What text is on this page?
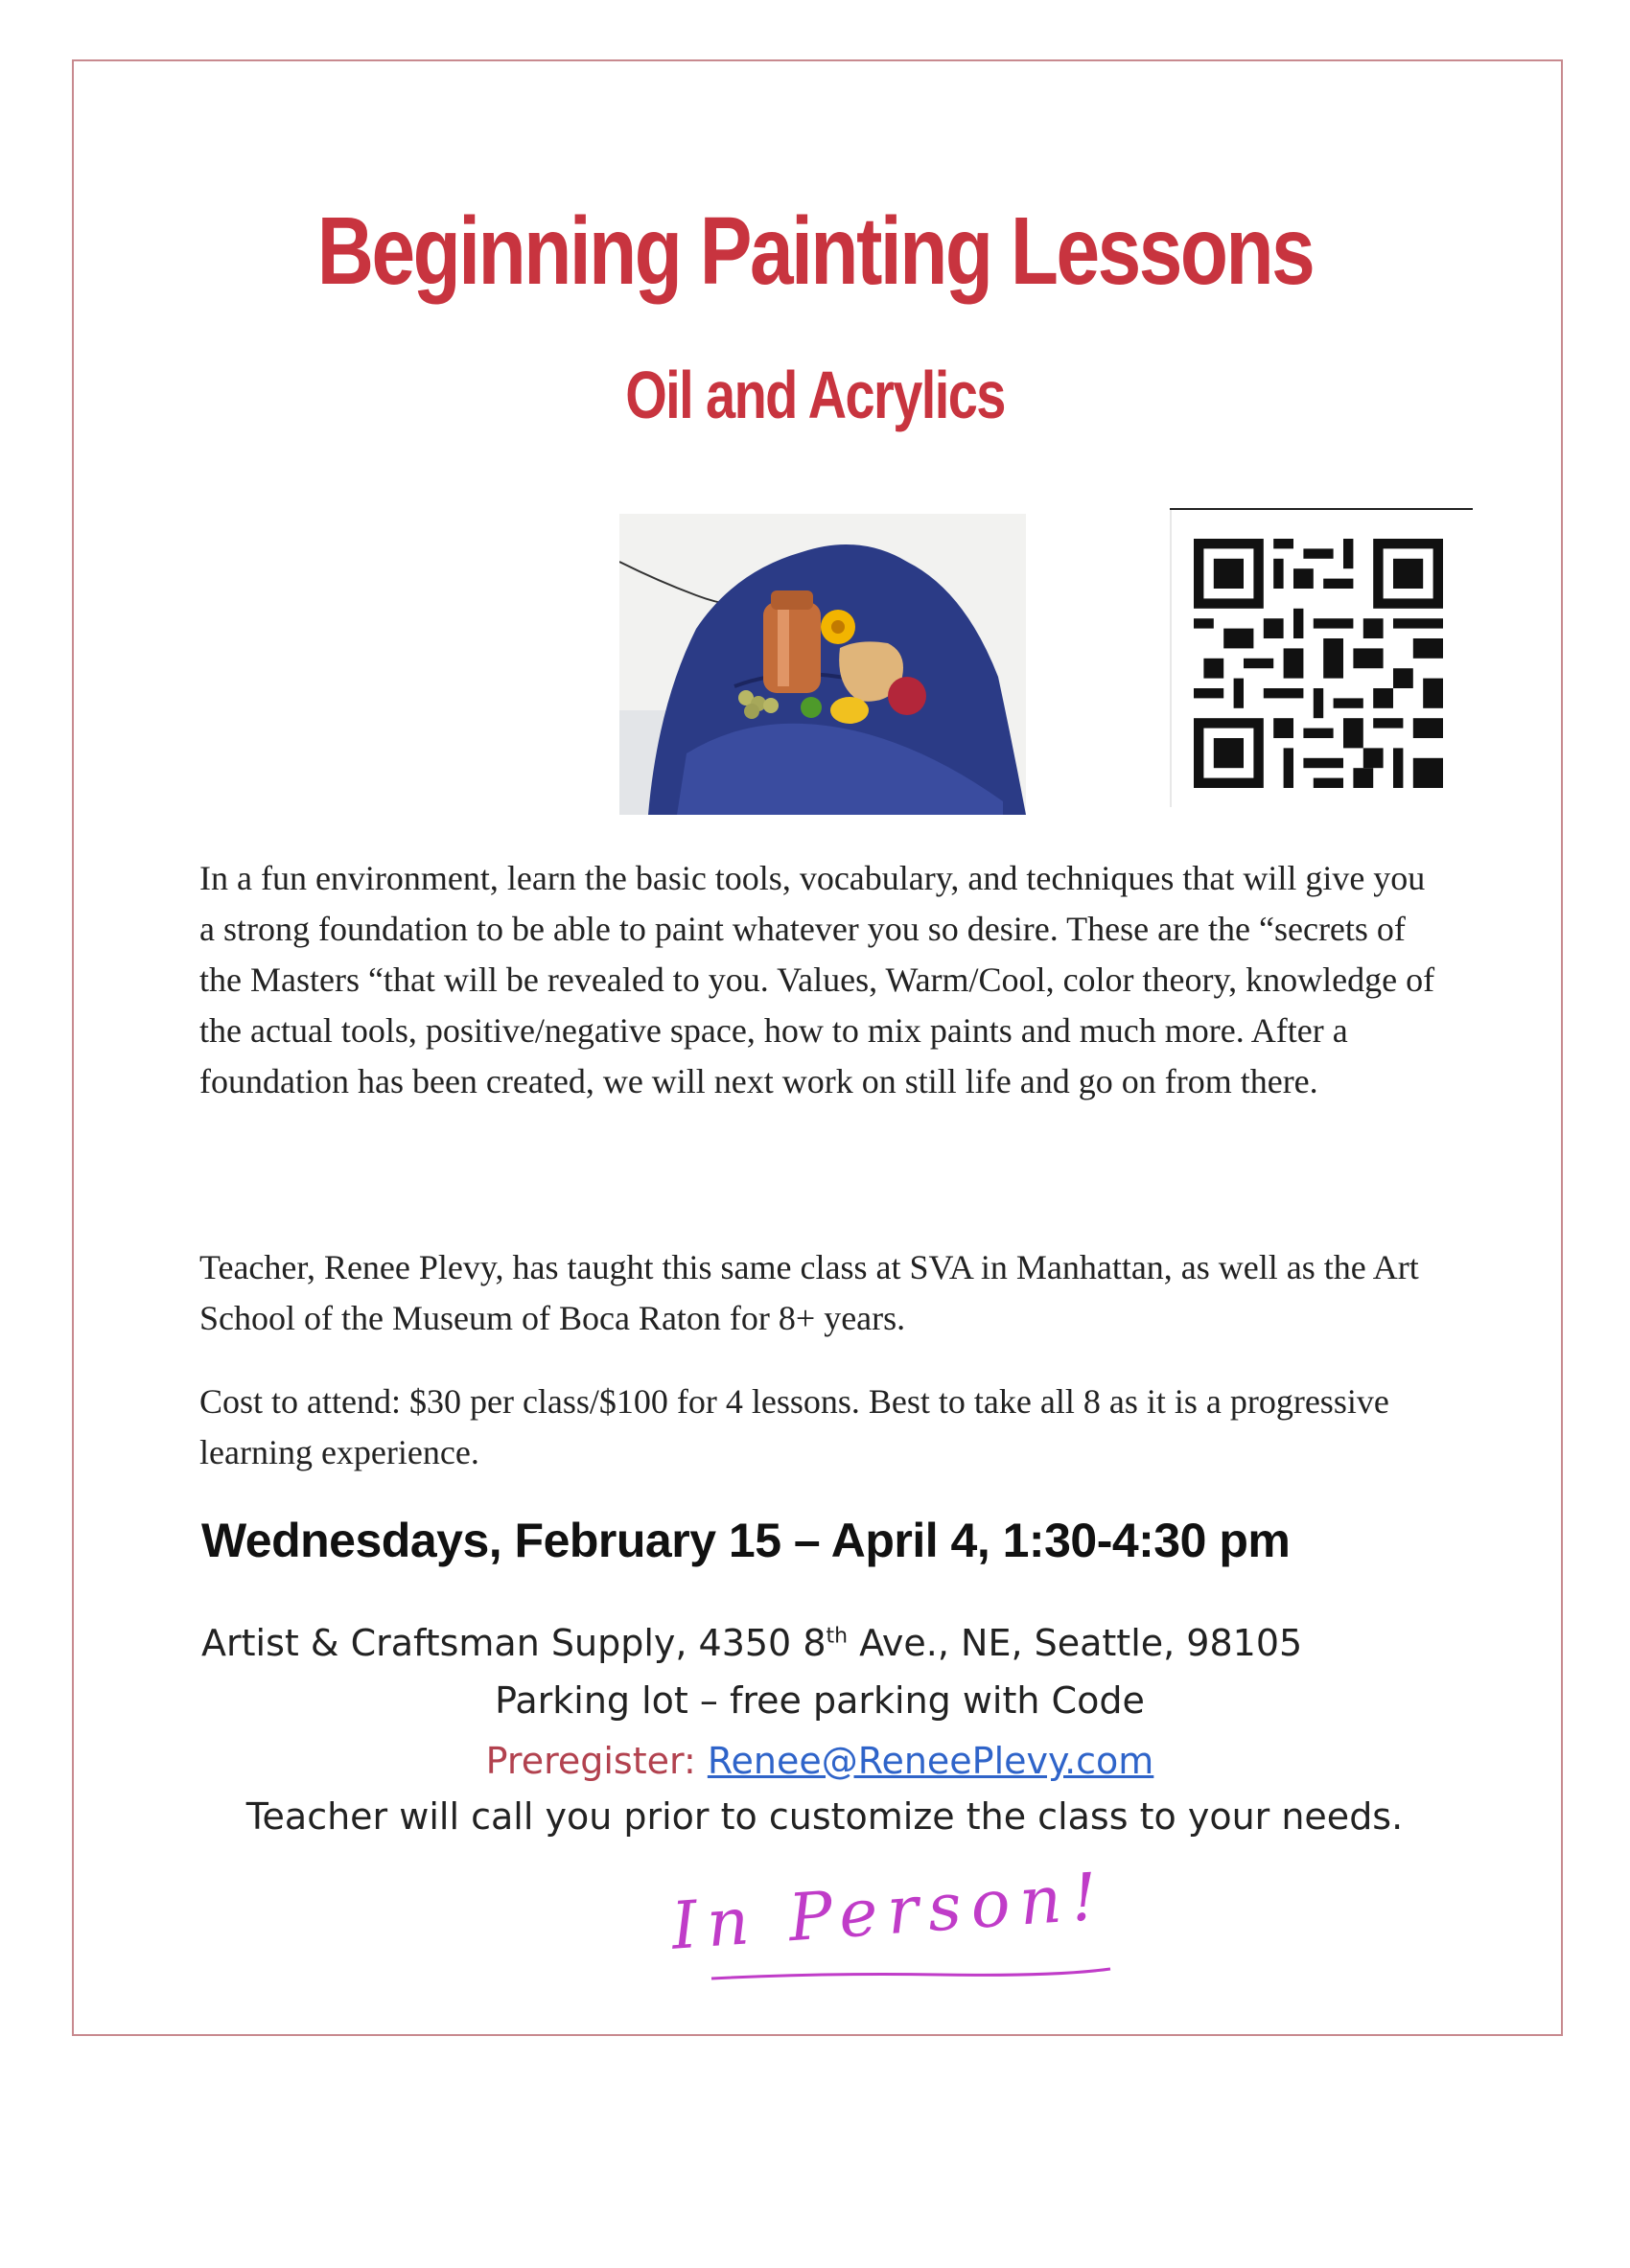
Beginning Painting Lessons
Oil and Acrylics

In a fun environment, learn the basic tools, vocabulary, and techniques that will give you a strong foundation to be able to paint whatever you so desire. These are the “secrets of the Masters “that will be revealed to you. Values, Warm/Cool, color theory, knowledge of the actual tools, positive/negative space, how to mix paints and much more. After a foundation has been created, we will next work on still life and go on from there.

Teacher, Renee Plevy, has taught this same class at SVA in Manhattan, as well as the Art School of the Museum of Boca Raton for 8+ years.

Cost to attend: $30 per class/$100 for 4 lessons. Best to take all 8 as it is a progressive learning experience.

Wednesdays, February 15 – April 4, 1:30-4:30 pm

Artist & Craftsman Supply, 4350 8th Ave., NE, Seattle, 98105

Parking lot – free parking with Code

Preregister: Renee@ReneePlevy.com

Teacher will call you prior to customize the class to your needs.

In Person!
